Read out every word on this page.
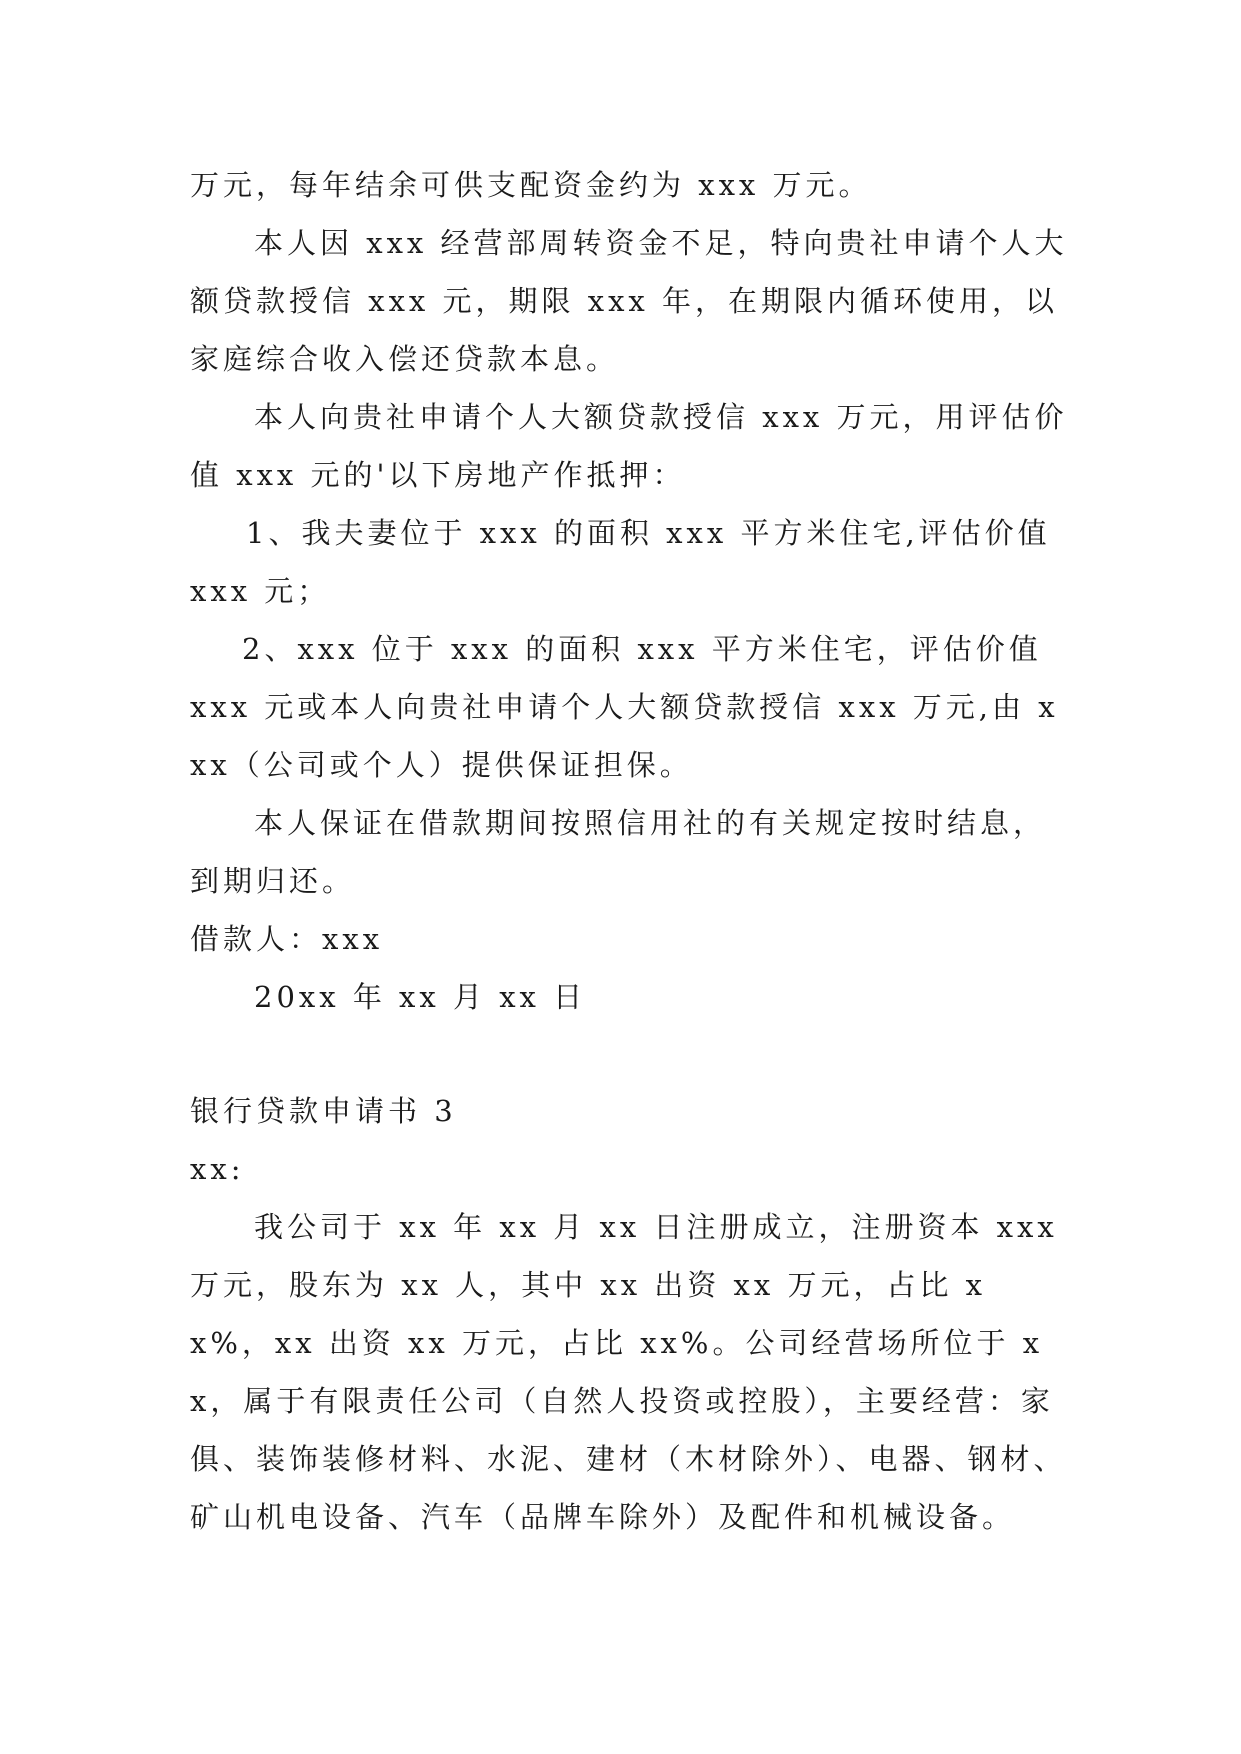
万元，每年结余可供支配资金约为 xxx 万元。

本人因 xxx 经营部周转资金不足，特向贵社申请个人大额贷款授信 xxx 元，期限 xxx 年，在期限内循环使用，以家庭综合收入偿还贷款本息。

本人向贵社申请个人大额贷款授信 xxx 万元，用评估价值 xxx 元的'以下房地产作抵押：

1、我夫妻位于 xxx 的面积 xxx 平方米住宅,评估价值 xxx 元；

2、xxx 位于 xxx 的面积 xxx 平方米住宅，评估价值 xxx 元或本人向贵社申请个人大额贷款授信 xxx 万元,由 xxx（公司或个人）提供保证担保。

本人保证在借款期间按照信用社的有关规定按时结息，到期归还。

借款人：xxx

20xx 年 xx 月 xx 日

银行贷款申请书 3

xx:

我公司于 xx 年 xx 月 xx 日注册成立，注册资本 xxx 万元，股东为 xx 人，其中 xx 出资 xx 万元，占比 xx%，xx 出资 xx 万元，占比 xx%。公司经营场所位于 xx，属于有限责任公司（自然人投资或控股），主要经营：家俱、装饰装修材料、水泥、建材（木材除外）、电器、钢材、矿山机电设备、汽车（品牌车除外）及配件和机械设备。
